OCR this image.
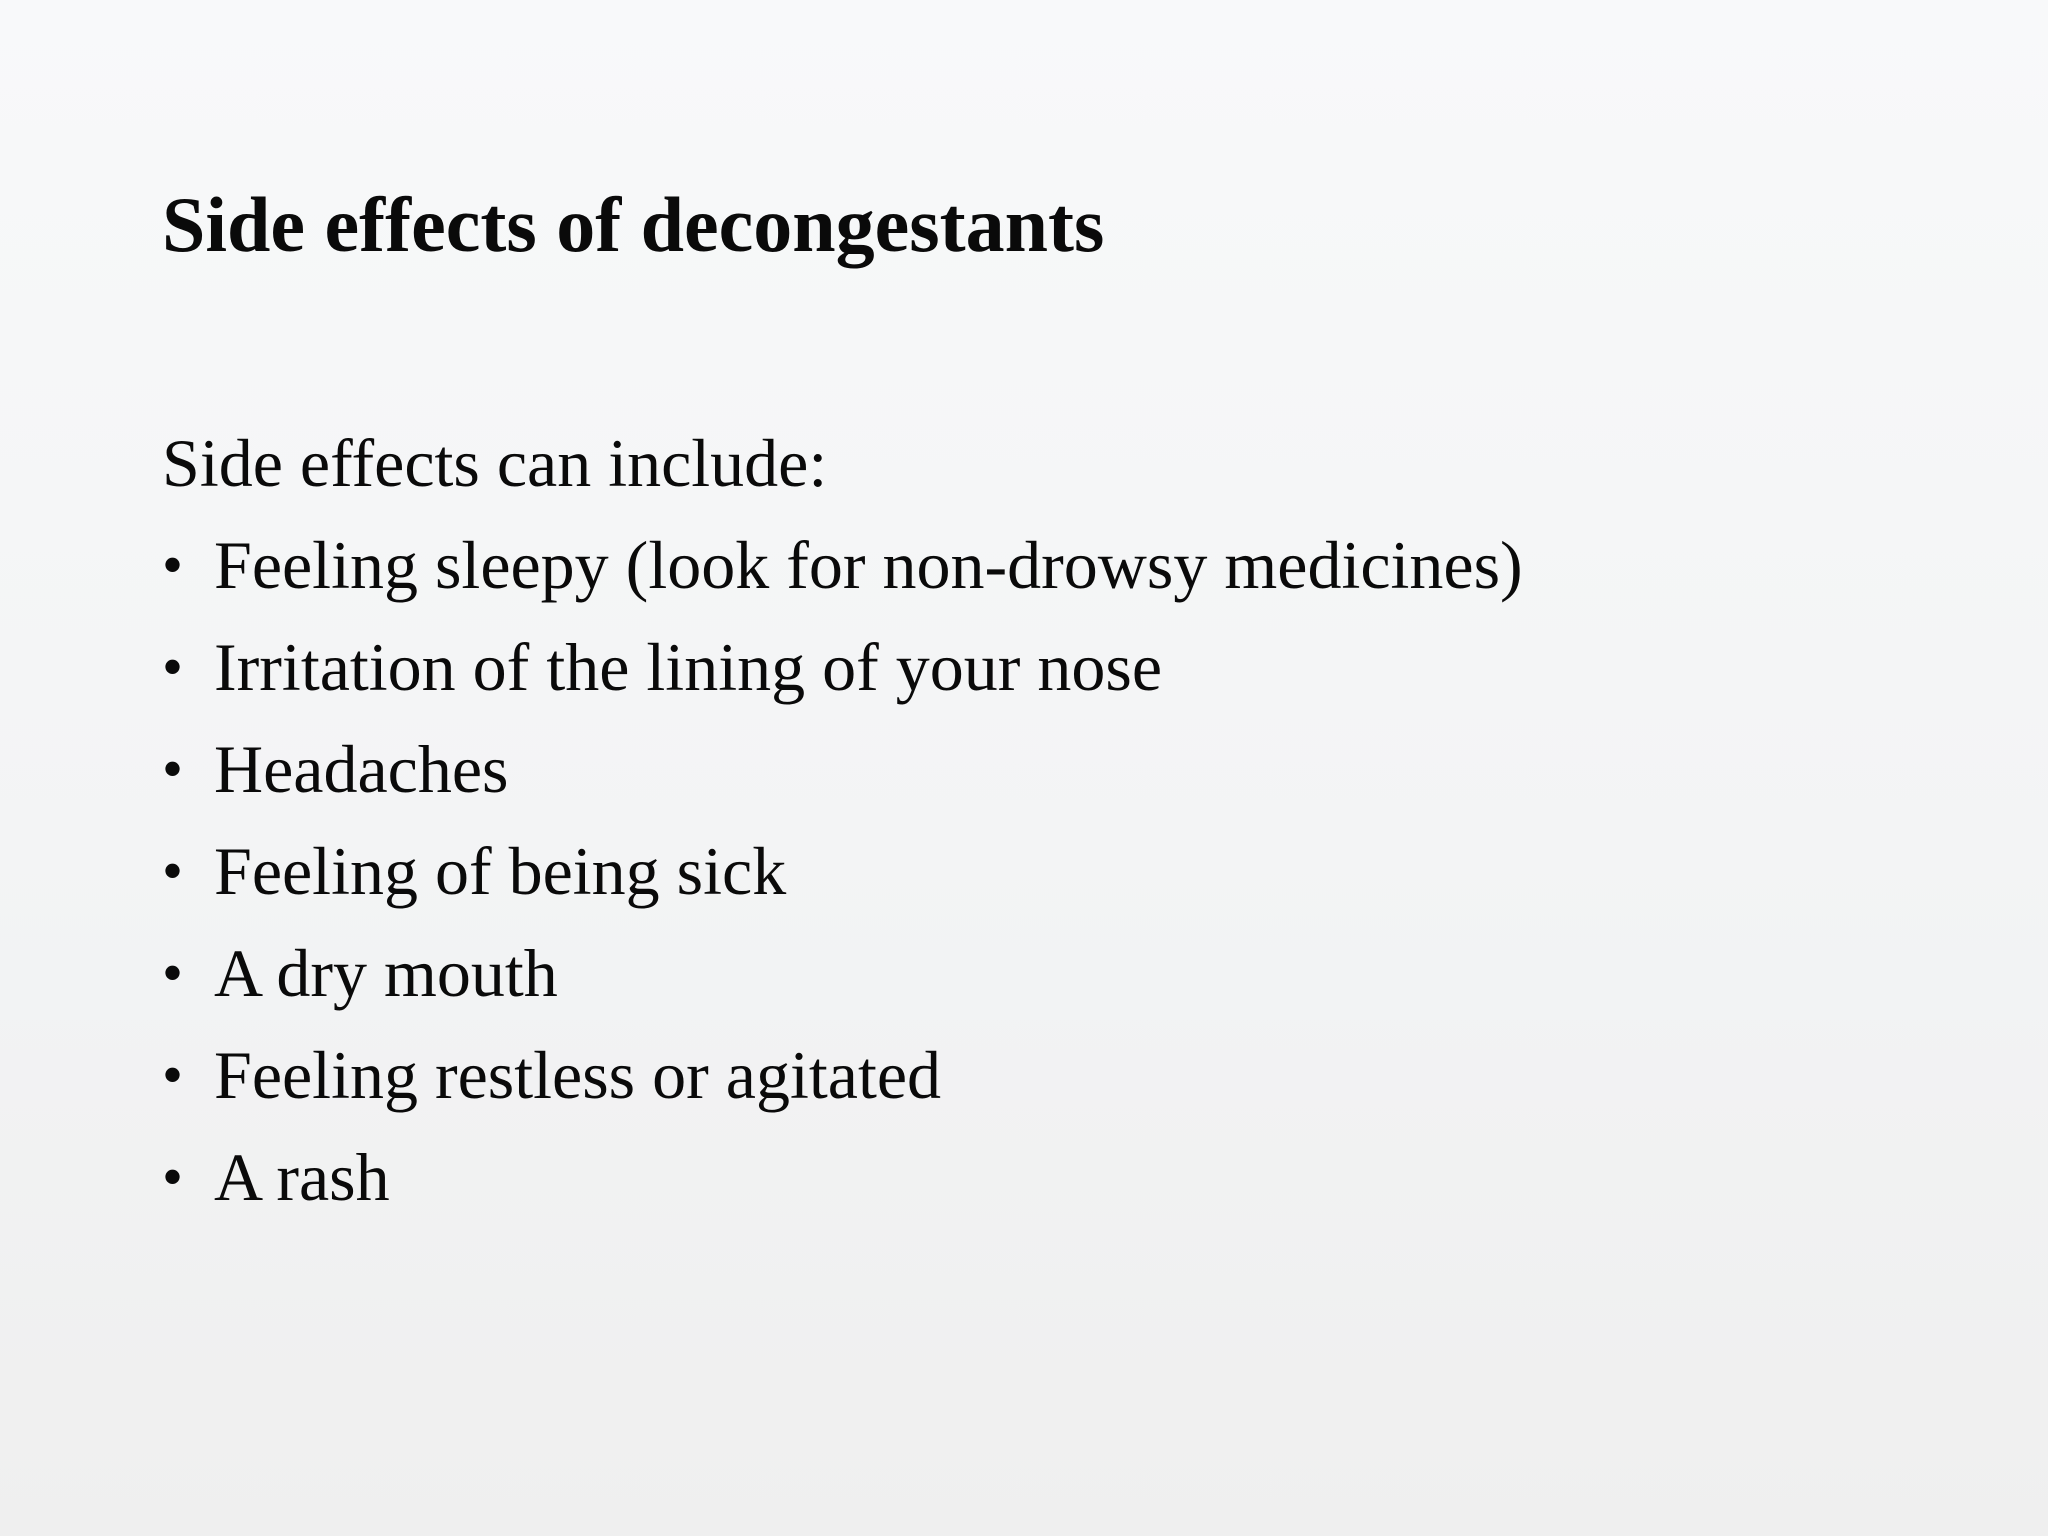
Side effects of decongestants

Side effects can include:

• Feeling sleepy (look for non-drowsy medicines)
• Irritation of the lining of your nose
• Headaches
• Feeling of being sick
• A dry mouth
• Feeling restless or agitated
• A rash
